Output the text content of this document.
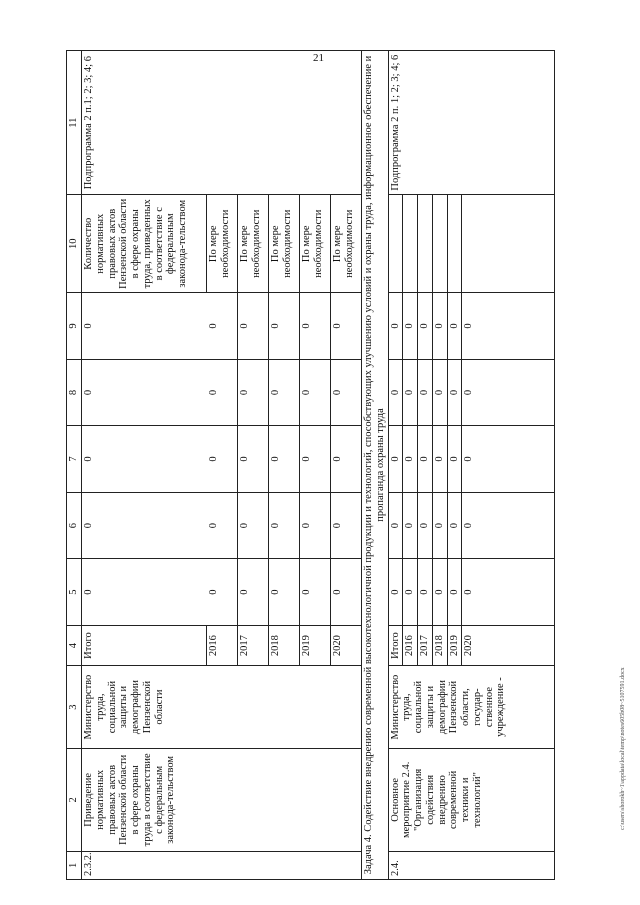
21
1	2	3	4	5	6	7	8	9	10	11
2.3.2.	Приведение нормативных правовых актов Пензенской области в сфере охраны труда в соответствие с федеральным законода-тельством	Министерство труда, социальной защиты и демографии Пензенской области	Итого	0	0	0	0	0	Количество нормативных правовых актов Пензенской области в сфере охраны труда, приведенных в соответствие с федеральным законода-тельством	Подпрограмма 2 п.1; 2; 3; 4; 6
			2016	0	0	0	0	0	По мере необходимости	
			2017	0	0	0	0	0	По мере необходимости	
			2018	0	0	0	0	0	По мере необходимости	
			2019	0	0	0	0	0	По мере необходимости	
			2020	0	0	0	0	0	По мере необходимости	
Задача 4. Содействие внедрению современной высокотехнологичной продукции и технологий, способствующих улучшению условий и охраны труда, информационное обеспечение и пропаганда охраны труда										
2.4.	Основное мероприятие 2.4. "Организация содействия внедрению современной техники и технологий"	Министерство труда, социальной защиты и демографии Пензенской области, государ-ственное учреждение -	Итого	0	0	0	0	0		Подпрограмма 2 п. 1; 2; 3; 4; 6
			2016	0	0	0	0	0		
			2017	0	0	0	0	0		
			2018	0	0	0	0	0		
			2019	0	0	0	0	0		
			2020	0	0	0	0	0		
c:\users\shorokh~1\appdata\local\temp\notes605b08~5107591.docx
